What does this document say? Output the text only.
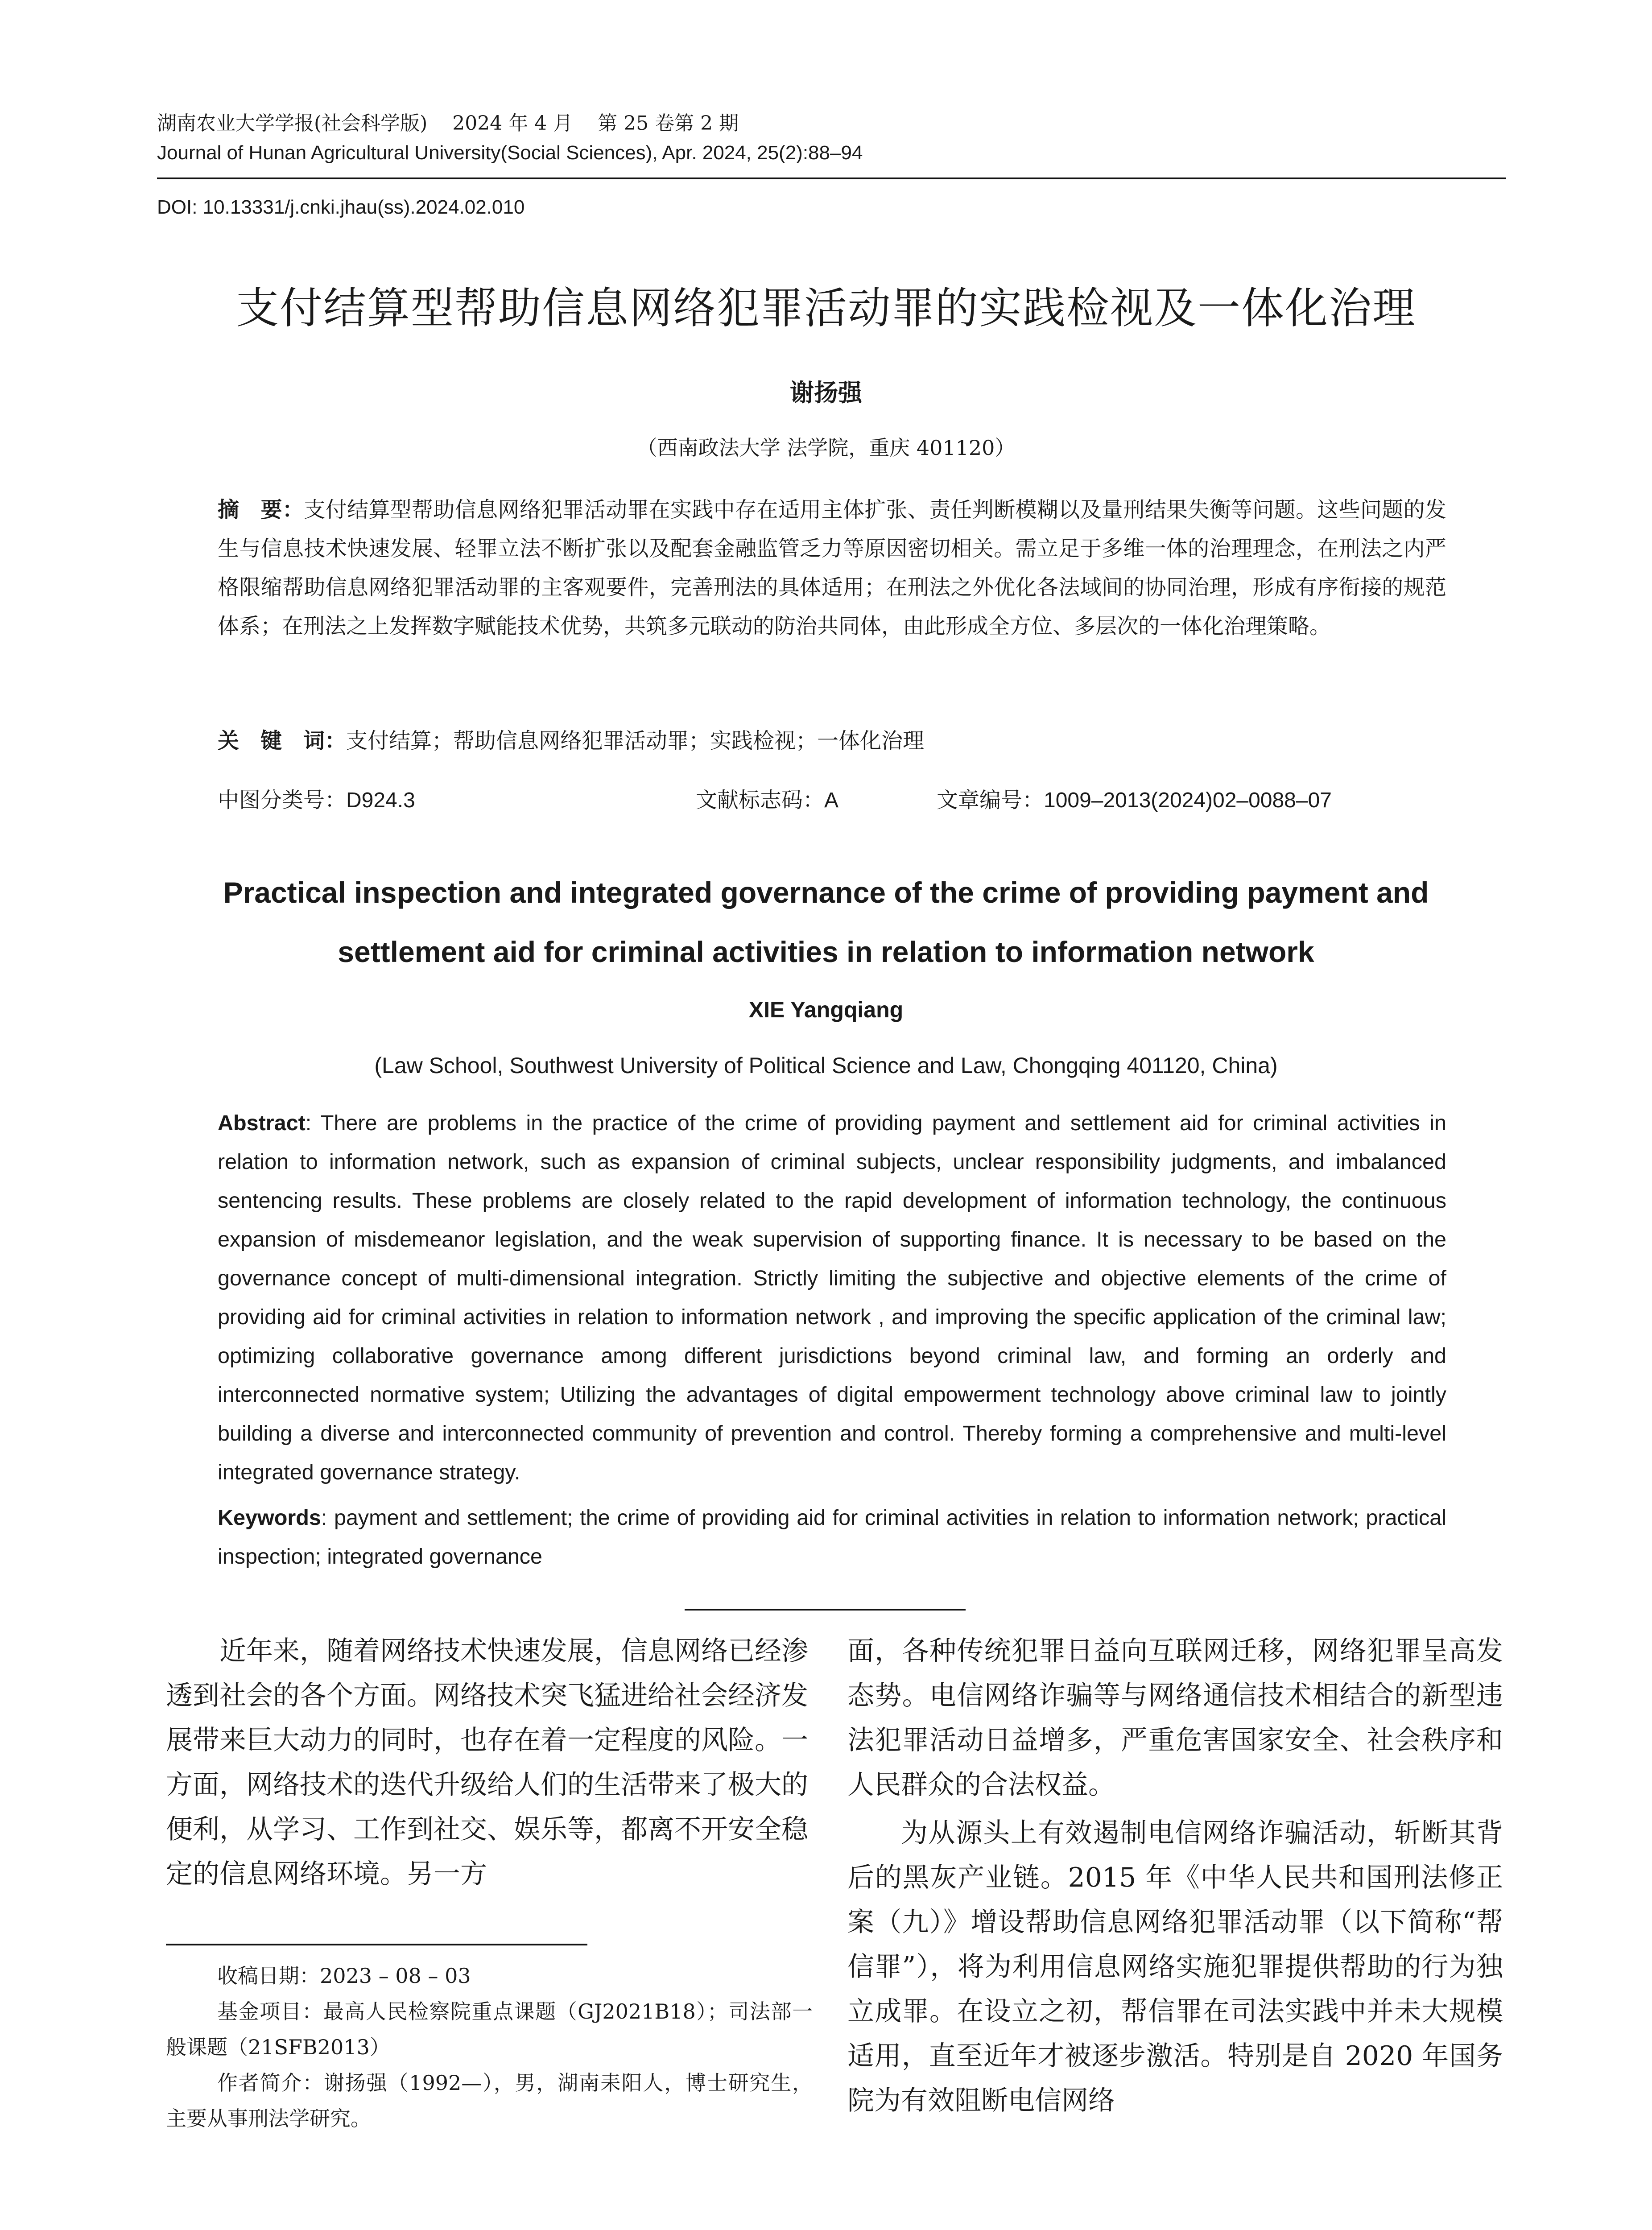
湖南农业大学学报(社会科学版)    2024 年 4 月    第 25 卷第 2 期
Journal of Hunan Agricultural University(Social Sciences), Apr. 2024, 25(2):88–94
DOI: 10.13331/j.cnki.jhau(ss).2024.02.010
支付结算型帮助信息网络犯罪活动罪的实践检视及一体化治理
谢扬强
（西南政法大学 法学院，重庆 401120）
摘　要：支付结算型帮助信息网络犯罪活动罪在实践中存在适用主体扩张、责任判断模糊以及量刑结果失衡等问题。这些问题的发生与信息技术快速发展、轻罪立法不断扩张以及配套金融监管乏力等原因密切相关。需立足于多维一体的治理理念，在刑法之内严格限缩帮助信息网络犯罪活动罪的主客观要件，完善刑法的具体适用；在刑法之外优化各法域间的协同治理，形成有序衔接的规范体系；在刑法之上发挥数字赋能技术优势，共筑多元联动的防治共同体，由此形成全方位、多层次的一体化治理策略。
关　键　词：支付结算；帮助信息网络犯罪活动罪；实践检视；一体化治理
中图分类号：D924.3	文献标志码：A	文章编号：1009–2013(2024)02–0088–07
Practical inspection and integrated governance of the crime of providing payment and settlement aid for criminal activities in relation to information network
XIE Yangqiang
(Law School, Southwest University of Political Science and Law, Chongqing 401120, China)
Abstract: There are problems in the practice of the crime of providing payment and settlement aid for criminal activities in relation to information network, such as expansion of criminal subjects, unclear responsibility judgments, and imbalanced sentencing results. These problems are closely related to the rapid development of information technology, the continuous expansion of misdemeanor legislation, and the weak supervision of supporting finance. It is necessary to be based on the governance concept of multi-dimensional integration. Strictly limiting the subjective and objective elements of the crime of providing aid for criminal activities in relation to information network , and improving the specific application of the criminal law; optimizing collaborative governance among different jurisdictions beyond criminal law, and forming an orderly and interconnected normative system; Utilizing the advantages of digital empowerment technology above criminal law to jointly building a diverse and interconnected community of prevention and control. Thereby forming a comprehensive and multi-level integrated governance strategy.
Keywords: payment and settlement; the crime of providing aid for criminal activities in relation to information network; practical inspection; integrated governance

近年来，随着网络技术快速发展，信息网络已经渗透到社会的各个方面。网络技术突飞猛进给社会经济发展带来巨大动力的同时，也存在着一定程度的风险。一方面，网络技术的迭代升级给人们的生活带来了极大的便利，从学习、工作到社交、娱乐等，都离不开安全稳定的信息网络环境。另一方

面，各种传统犯罪日益向互联网迁移，网络犯罪呈高发态势。电信网络诈骗等与网络通信技术相结合的新型违法犯罪活动日益增多，严重危害国家安全、社会秩序和人民群众的合法权益。

为从源头上有效遏制电信网络诈骗活动，斩断其背后的黑灰产业链。2015 年《中华人民共和国刑法修正案（九）》增设帮助信息网络犯罪活动罪（以下简称“帮信罪”），将为利用信息网络实施犯罪提供帮助的行为独立成罪。在设立之初，帮信罪在司法实践中并未大规模适用，直至近年才被逐步激活。特别是自 2020 年国务院为有效阻断电信网络

收稿日期：2023 – 08 – 03

基金项目：最高人民检察院重点课题（GJ2021B18）；司法部一般课题（21SFB2013）

作者简介：谢扬强（1992—），男，湖南耒阳人，博士研究生，主要从事刑法学研究。
